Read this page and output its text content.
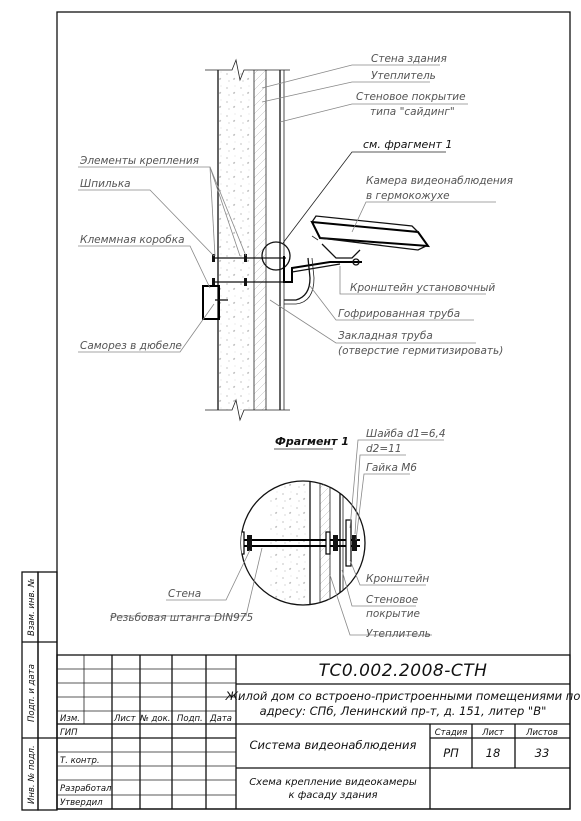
Стена здания
Утеплитель
Стеновое покрытие
типа "сайдинг"
см. фрагмент 1
Элементы крепления
Шпилька	Камера видеонаблюдения
в гермокожухе
Клеммная коробка
Кронштейн установочный
Гофрированная труба
Саморез в дюбеле
Закладная труба
(отверстие гермитизировать)
Фрагмент 1
Шайба d1=6,4
d2=11
Гайка М6
Кронштейн
Стеновое
покрытие
Утеплитель
Стена
Резьбовая штанга DIN975
Взам. инв. №
Подп. и дата
Инв. № подл.
Изм.	Лист № док. Подп. Дата
ГИП
Т. контр.
Разработал
Утвердил
ТС0.002.2008-СТН
Жилой дом со встроено-пристроенными помещениями по
адресу: СПб, Ленинский пр-т, д. 151, литер "В"
Система видеонаблюдения
Стадия Лист	Листов
РП 18	33
Схема крепление видеокамеры
к фасаду здания
